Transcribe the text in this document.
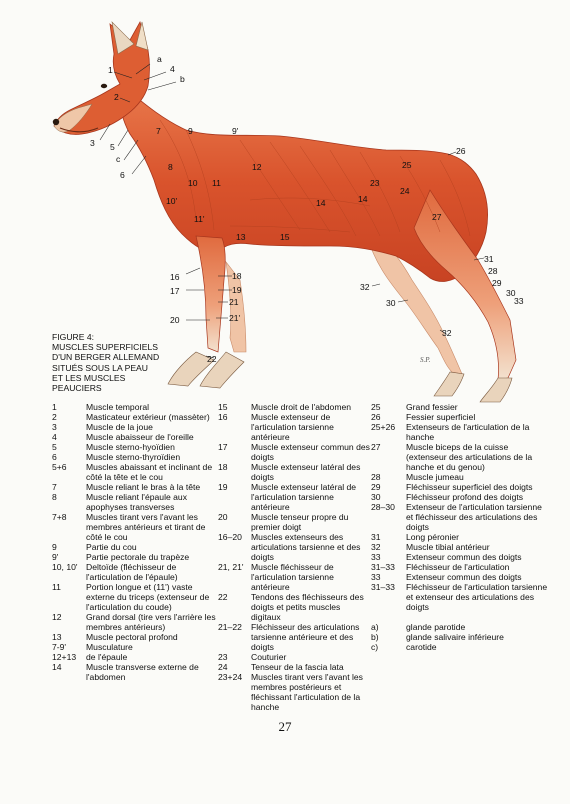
1
a
4
b
2
3 5
c
6
7	9	9'
8
10 11
10'
11'
12
13	15
14	14
23
24
25
26
27
16
17
18
19
21
20	21'
22
31
28
29
30
33
32
30
32
S.P.
FIGURE 4:
MUSCLES SUPERFICIELS
D'UN BERGER ALLEMAND
SITUÉS SOUS LA PEAU
ET LES MUSCLES
PEAUCIERS
1	Muscle temporal
2	Masticateur extérieur (massèter)
3	Muscle de la joue
4	Muscle abaisseur de l'oreille
5	Muscle sterno-hyoïdien
6	Muscle sterno-thyroïdien
5+6	Muscles abaissant et inclinant de côté la tête et le cou
7	Muscle reliant le bras à la tête
8	Muscle reliant l'épaule aux apophyses transverses
7+8	Muscles tirant vers l'avant les membres antérieurs et tirant de côté le cou
9	Partie du cou
9'	Partie pectorale du trapèze
10, 10' Deltoïde (fléchisseur de l'articulation de l'épaule)
11	Portion longue et (11') vaste externe du triceps (extenseur de l'articulation du coude)
12	Grand dorsal (tire vers l'arrière les membres antérieurs)
13	Muscle pectoral profond
7-9'	Musculature
12+13	de l'épaule
14	Muscle transverse externe de l'abdomen
15	Muscle droit de l'abdomen
16	Muscle extenseur de l'articulation tarsienne antérieure
17	Muscle extenseur commun des doigts
18	Muscle extenseur latéral des doigts
19	Muscle extenseur latéral de l'articulation tarsienne antérieure
20	Muscle tenseur propre du premier doigt
16–20	Muscles extenseurs des articulations tarsienne et des doigts
21, 21' Muscle fléchisseur de l'articulation tarsienne antérieure
22	Tendons des fléchisseurs des doigts et petits muscles digitaux
21–22	Fléchisseur des articulations tarsienne antérieure et des doigts
23	Couturier
24	Tenseur de la fascia lata
23+24	Muscles tirant vers l'avant les membres postérieurs et fléchissant l'articulation de la hanche
25	Grand fessier
26	Fessier superficiel
25+26	Extenseurs de l'articulation de la hanche
27	Muscle biceps de la cuisse (extenseur des articulations de la hanche et du genou)
28	Muscle jumeau
29	Fléchisseur superficiel des doigts
30	Fléchisseur profond des doigts
28–30	Extenseur de l'articulation tarsienne et fléchisseur des articulations des doigts
31	Long péronier
32	Muscle tibial antérieur
33	Extenseur commun des doigts
31–33	Fléchisseur de l'articulation
33	Extenseur commun des doigts
31–33	Fléchisseur de l'articulation tarsienne et extenseur des articulations des doigts
a)	glande parotide
b)	glande salivaire inférieure
c)	carotide
27
